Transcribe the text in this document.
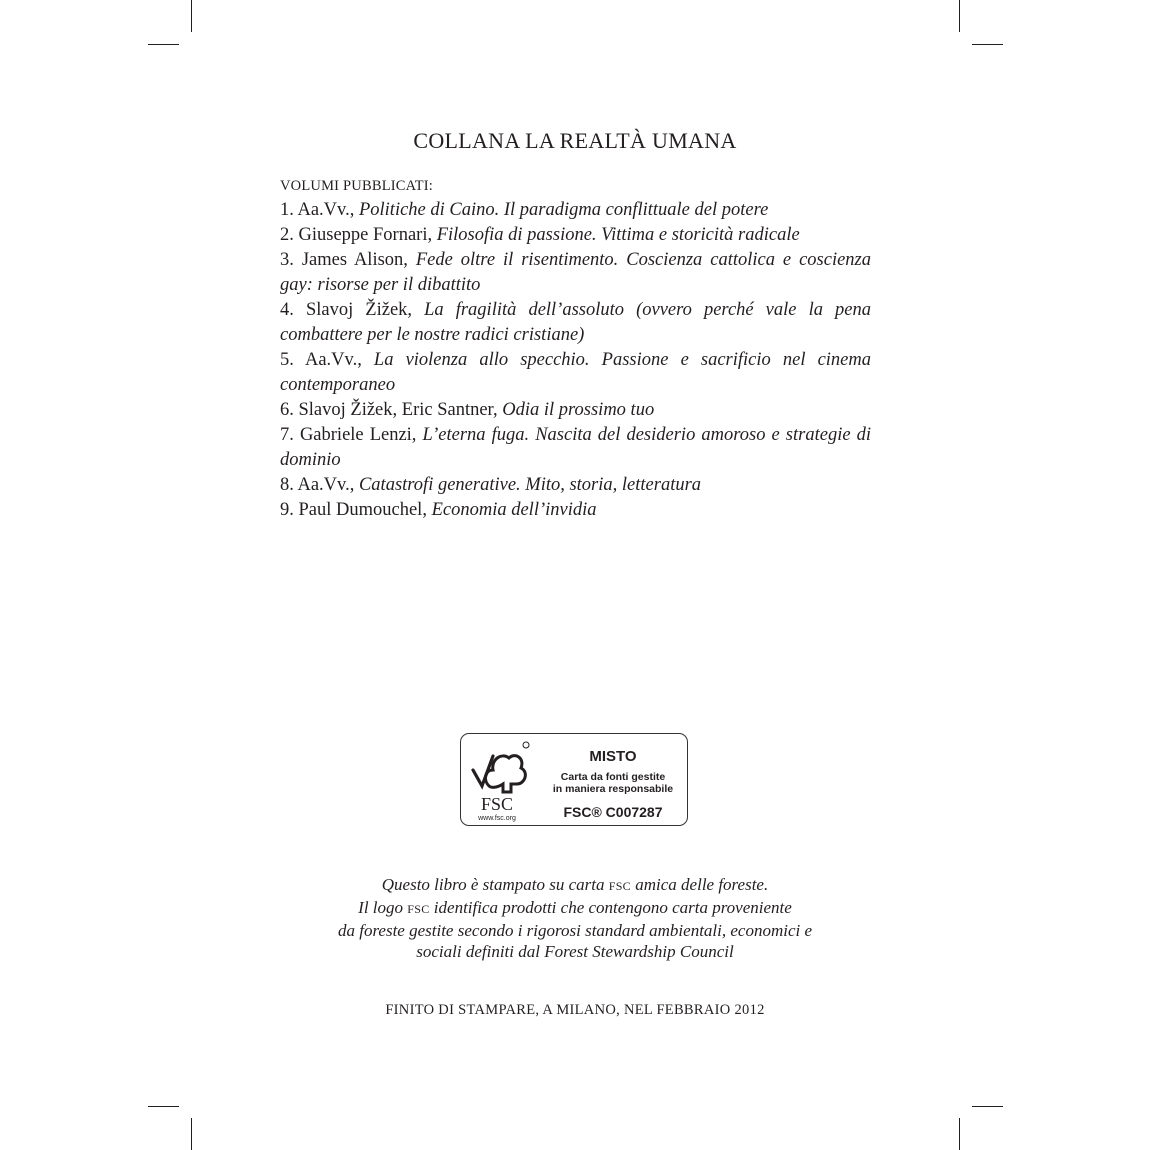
COLLANA LA REALTÀ UMANA
VOLUMI PUBBLICATI:
1. Aa.Vv., Politiche di Caino. Il paradigma conflittuale del potere
2. Giuseppe Fornari, Filosofia di passione. Vittima e storicità radicale
3. James Alison, Fede oltre il risentimento. Coscienza cattolica e coscienza gay: risorse per il dibattito
4. Slavoj Žižek, La fragilità dell’assoluto (ovvero perché vale la pena combattere per le nostre radici cristiane)
5. Aa.Vv., La violenza allo specchio. Passione e sacrificio nel cinema contemporaneo
6. Slavoj Žižek, Eric Santner, Odia il prossimo tuo
7. Gabriele Lenzi, L’eterna fuga. Nascita del desiderio amoroso e strategie di dominio
8. Aa.Vv., Catastrofi generative. Mito, storia, letteratura
9. Paul Dumouchel, Economia dell’invidia
FSC
www.fsc.org
MISTO
Carta da fonti gestite
in maniera responsabile
FSC® C007287
Questo libro è stampato su carta FSC amica delle foreste.
Il logo FSC identifica prodotti che contengono carta proveniente
da foreste gestite secondo i rigorosi standard ambientali, economici e
sociali definiti dal Forest Stewardship Council
FINITO DI STAMPARE, A MILANO, NEL FEBBRAIO 2012
